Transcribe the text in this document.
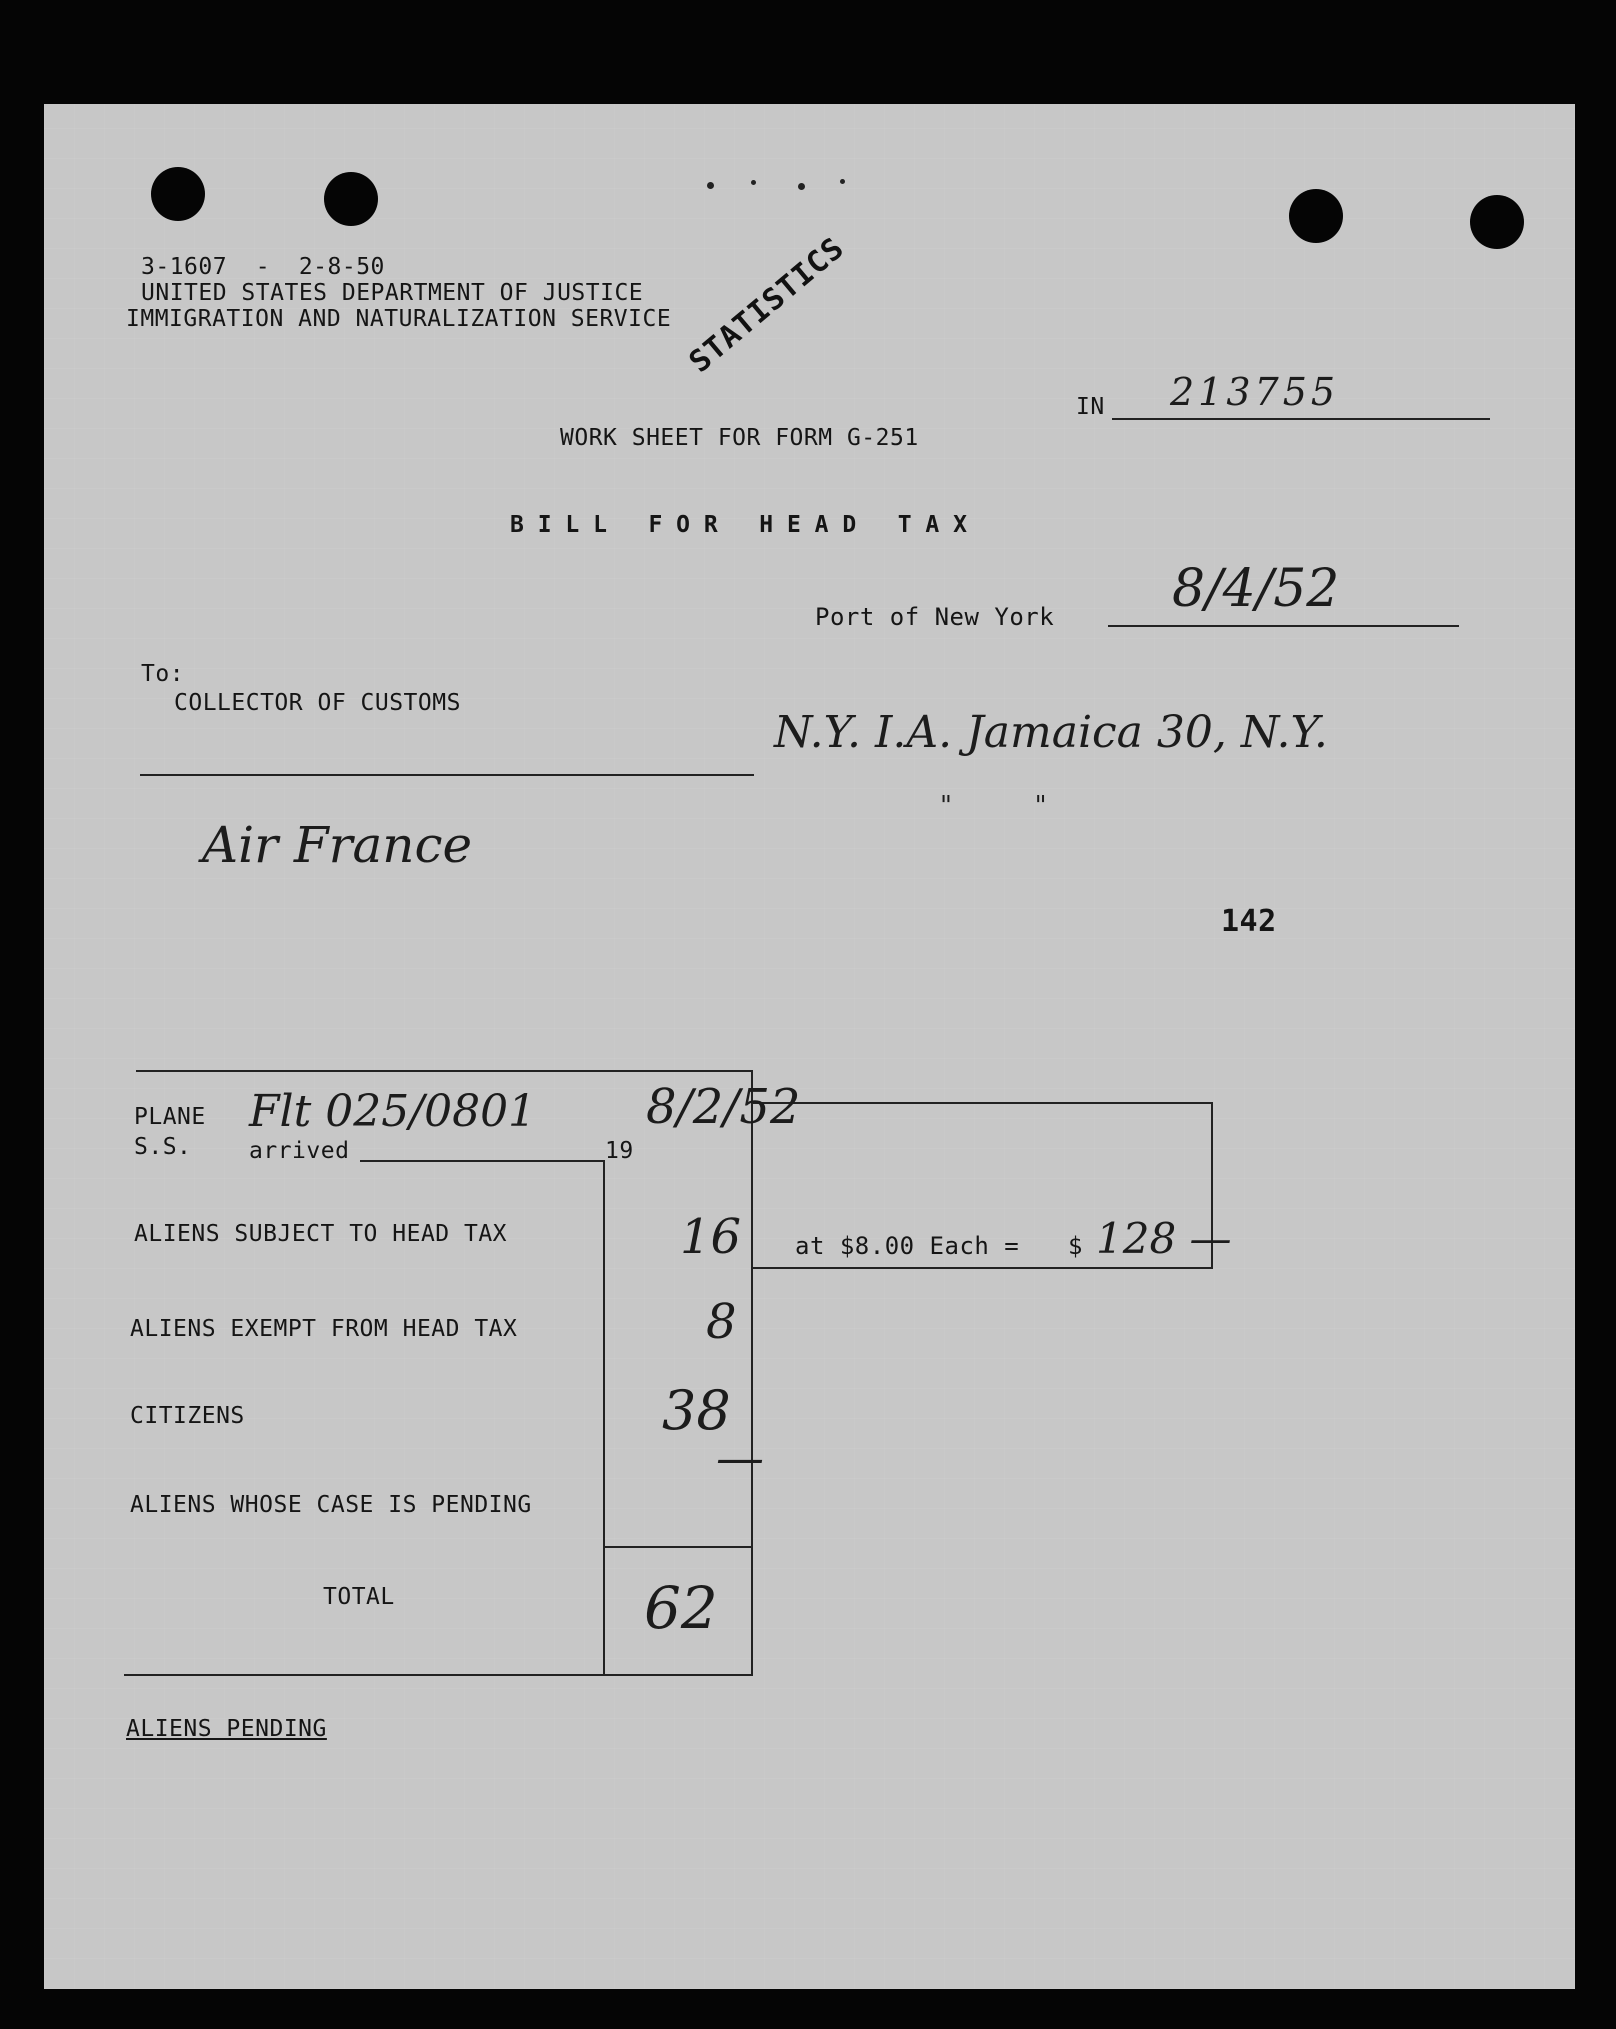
3-1607  -  2-8-50
UNITED STATES DEPARTMENT OF JUSTICE
IMMIGRATION AND NATURALIZATION SERVICE STATISTICS
IN 213755
WORK SHEET FOR FORM G-251
B I L L   F O R   H E A D   T A X
Port of New York 8/4/52
To:
COLLECTOR OF CUSTOMS
N.Y. I.A. Jamaica 30, N.Y.
"          "
Air France
142
PLANE
S.S.	arrived	19
Flt 025/0801 8/2/52
ALIENS SUBJECT TO HEAD TAX	16
ALIENS EXEMPT FROM HEAD TAX	8
CITIZENS	38
ALIENS WHOSE CASE IS PENDING
—
TOTAL	62
at $8.00 Each = $ 128 —
ALIENS PENDING
